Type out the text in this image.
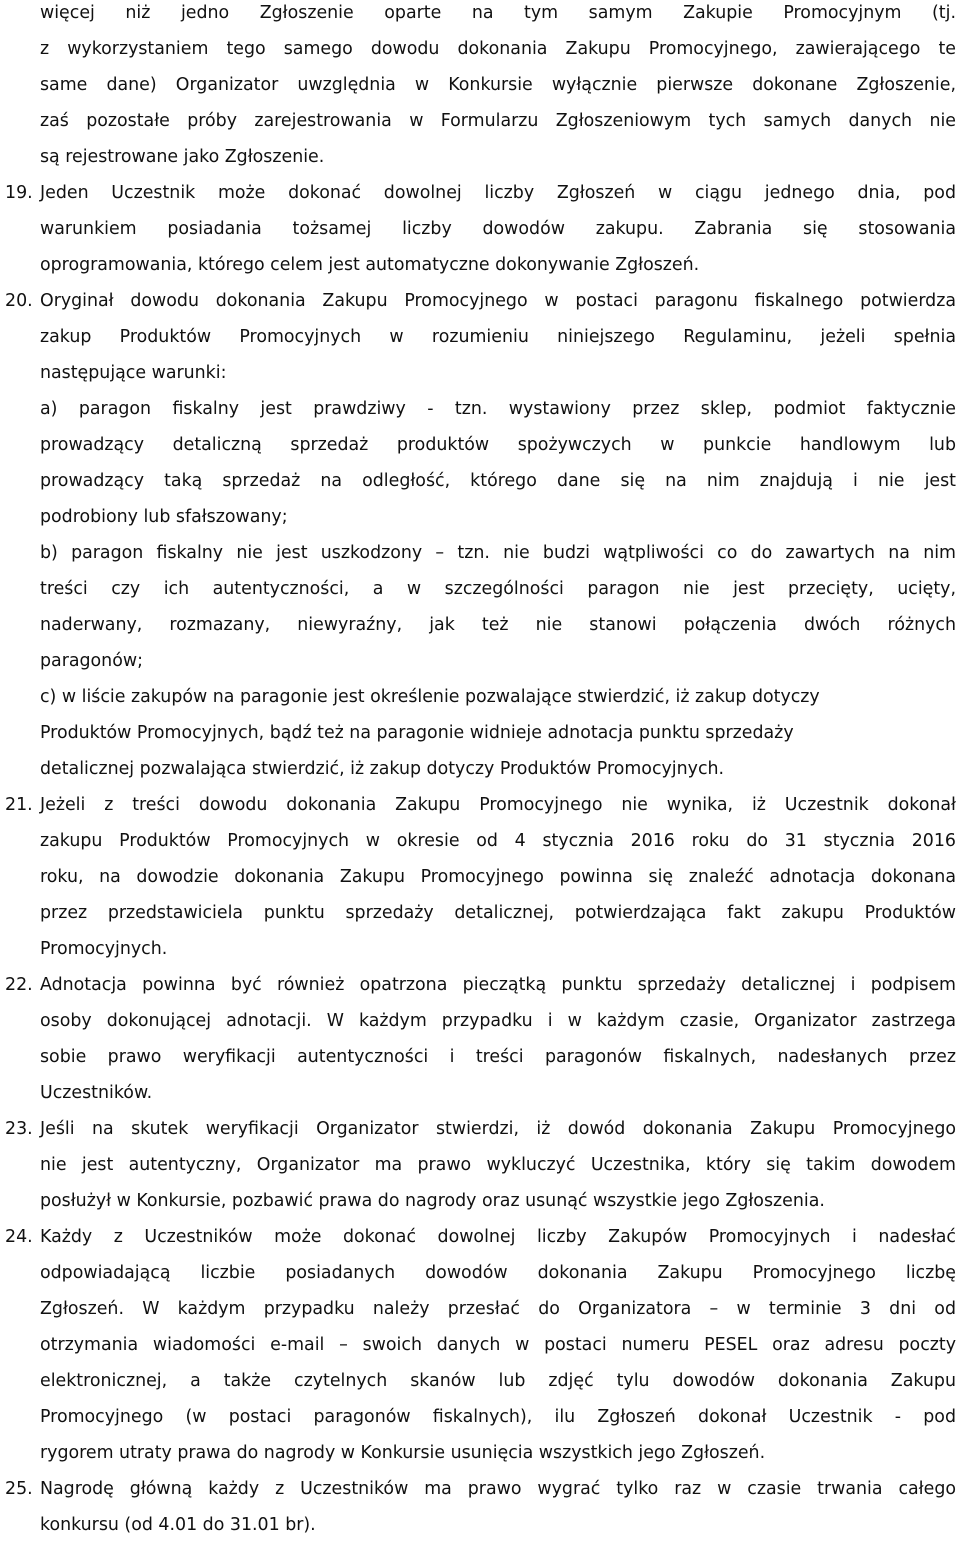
więcej niż jedno Zgłoszenie oparte na tym samym Zakupie Promocyjnym (tj.
z wykorzystaniem tego samego dowodu dokonania Zakupu Promocyjnego, zawierającego te
same dane) Organizator uwzględnia w Konkursie wyłącznie pierwsze dokonane Zgłoszenie,
zaś pozostałe próby zarejestrowania w Formularzu Zgłoszeniowym tych samych danych nie
są rejestrowane jako Zgłoszenie.
19. Jeden Uczestnik może dokonać dowolnej liczby Zgłoszeń w ciągu jednego dnia, pod
warunkiem posiadania tożsamej liczby dowodów zakupu. Zabrania się stosowania
oprogramowania, którego celem jest automatyczne dokonywanie Zgłoszeń.
20. Oryginał dowodu dokonania Zakupu Promocyjnego w postaci paragonu fiskalnego potwierdza
zakup Produktów Promocyjnych w rozumieniu niniejszego Regulaminu, jeżeli spełnia
następujące warunki:
a) paragon fiskalny jest prawdziwy - tzn. wystawiony przez sklep, podmiot faktycznie
prowadzący detaliczną sprzedaż produktów spożywczych w punkcie handlowym lub
prowadzący taką sprzedaż na odległość, którego dane się na nim znajdują i nie jest
podrobiony lub sfałszowany;
b) paragon fiskalny nie jest uszkodzony – tzn. nie budzi wątpliwości co do zawartych na nim
treści czy ich autentyczności, a w szczególności paragon nie jest przecięty, ucięty,
naderwany, rozmazany, niewyraźny, jak też nie stanowi połączenia dwóch różnych
paragonów;
c) w liście zakupów na paragonie jest określenie pozwalające stwierdzić, iż zakup dotyczy
Produktów Promocyjnych, bądź też na paragonie widnieje adnotacja punktu sprzedaży
detalicznej pozwalająca stwierdzić, iż zakup dotyczy Produktów Promocyjnych.
21. Jeżeli z treści dowodu dokonania Zakupu Promocyjnego nie wynika, iż Uczestnik dokonał
zakupu Produktów Promocyjnych w okresie od 4 stycznia 2016 roku do 31 stycznia 2016
roku, na dowodzie dokonania Zakupu Promocyjnego powinna się znaleźć adnotacja dokonana
przez przedstawiciela punktu sprzedaży detalicznej, potwierdzająca fakt zakupu Produktów
Promocyjnych.
22. Adnotacja powinna być również opatrzona pieczątką punktu sprzedaży detalicznej i podpisem
osoby dokonującej adnotacji. W każdym przypadku i w każdym czasie, Organizator zastrzega
sobie prawo weryfikacji autentyczności i treści paragonów fiskalnych, nadesłanych przez
Uczestników.
23. Jeśli na skutek weryfikacji Organizator stwierdzi, iż dowód dokonania Zakupu Promocyjnego
nie jest autentyczny, Organizator ma prawo wykluczyć Uczestnika, który się takim dowodem
posłużył w Konkursie, pozbawić prawa do nagrody oraz usunąć wszystkie jego Zgłoszenia.
24. Każdy z Uczestników może dokonać dowolnej liczby Zakupów Promocyjnych i nadesłać
odpowiadającą liczbie posiadanych dowodów dokonania Zakupu Promocyjnego liczbę
Zgłoszeń. W każdym przypadku należy przesłać do Organizatora – w terminie 3 dni od
otrzymania wiadomości e-mail – swoich danych w postaci numeru PESEL oraz adresu poczty
elektronicznej, a także czytelnych skanów lub zdjęć tylu dowodów dokonania Zakupu
Promocyjnego (w postaci paragonów fiskalnych), ilu Zgłoszeń dokonał Uczestnik - pod
rygorem utraty prawa do nagrody w Konkursie usunięcia wszystkich jego Zgłoszeń.
25. Nagrodę główną każdy z Uczestników ma prawo wygrać tylko raz w czasie trwania całego
konkursu (od 4.01 do 31.01 br).
